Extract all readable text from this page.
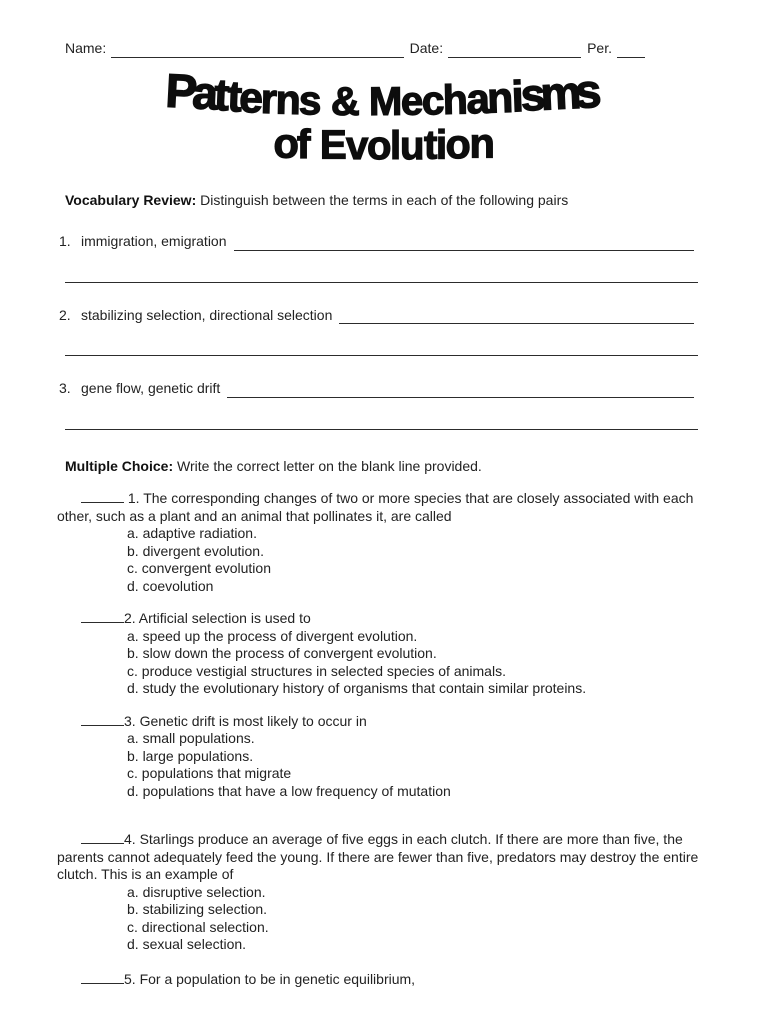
Name:	Date:	Per.
Patterns & Mechanisms
of Evolution
Vocabulary Review: Distinguish between the terms in each of the following pairs
1. immigration, emigration
2. stabilizing selection, directional selection
3. gene flow, genetic drift
Multiple Choice: Write the correct letter on the blank line provided.

1. The corresponding changes of two or more species that are closely associated with each other, such as a plant and an animal that pollinates it, are called

a. adaptive radiation.
b. divergent evolution.
c. convergent evolution
d. coevolution

2. Artificial selection is used to

a. speed up the process of divergent evolution.
b. slow down the process of convergent evolution.
c. produce vestigial structures in selected species of animals.
d. study the evolutionary history of organisms that contain similar proteins.

3. Genetic drift is most likely to occur in

a. small populations.
b. large populations.
c. populations that migrate
d. populations that have a low frequency of mutation

4. Starlings produce an average of five eggs in each clutch. If there are more than five, the parents cannot adequately feed the young. If there are fewer than five, predators may destroy the entire clutch. This is an example of

a. disruptive selection.
b. stabilizing selection.
c. directional selection.
d. sexual selection.

5. For a population to be in genetic equilibrium,
